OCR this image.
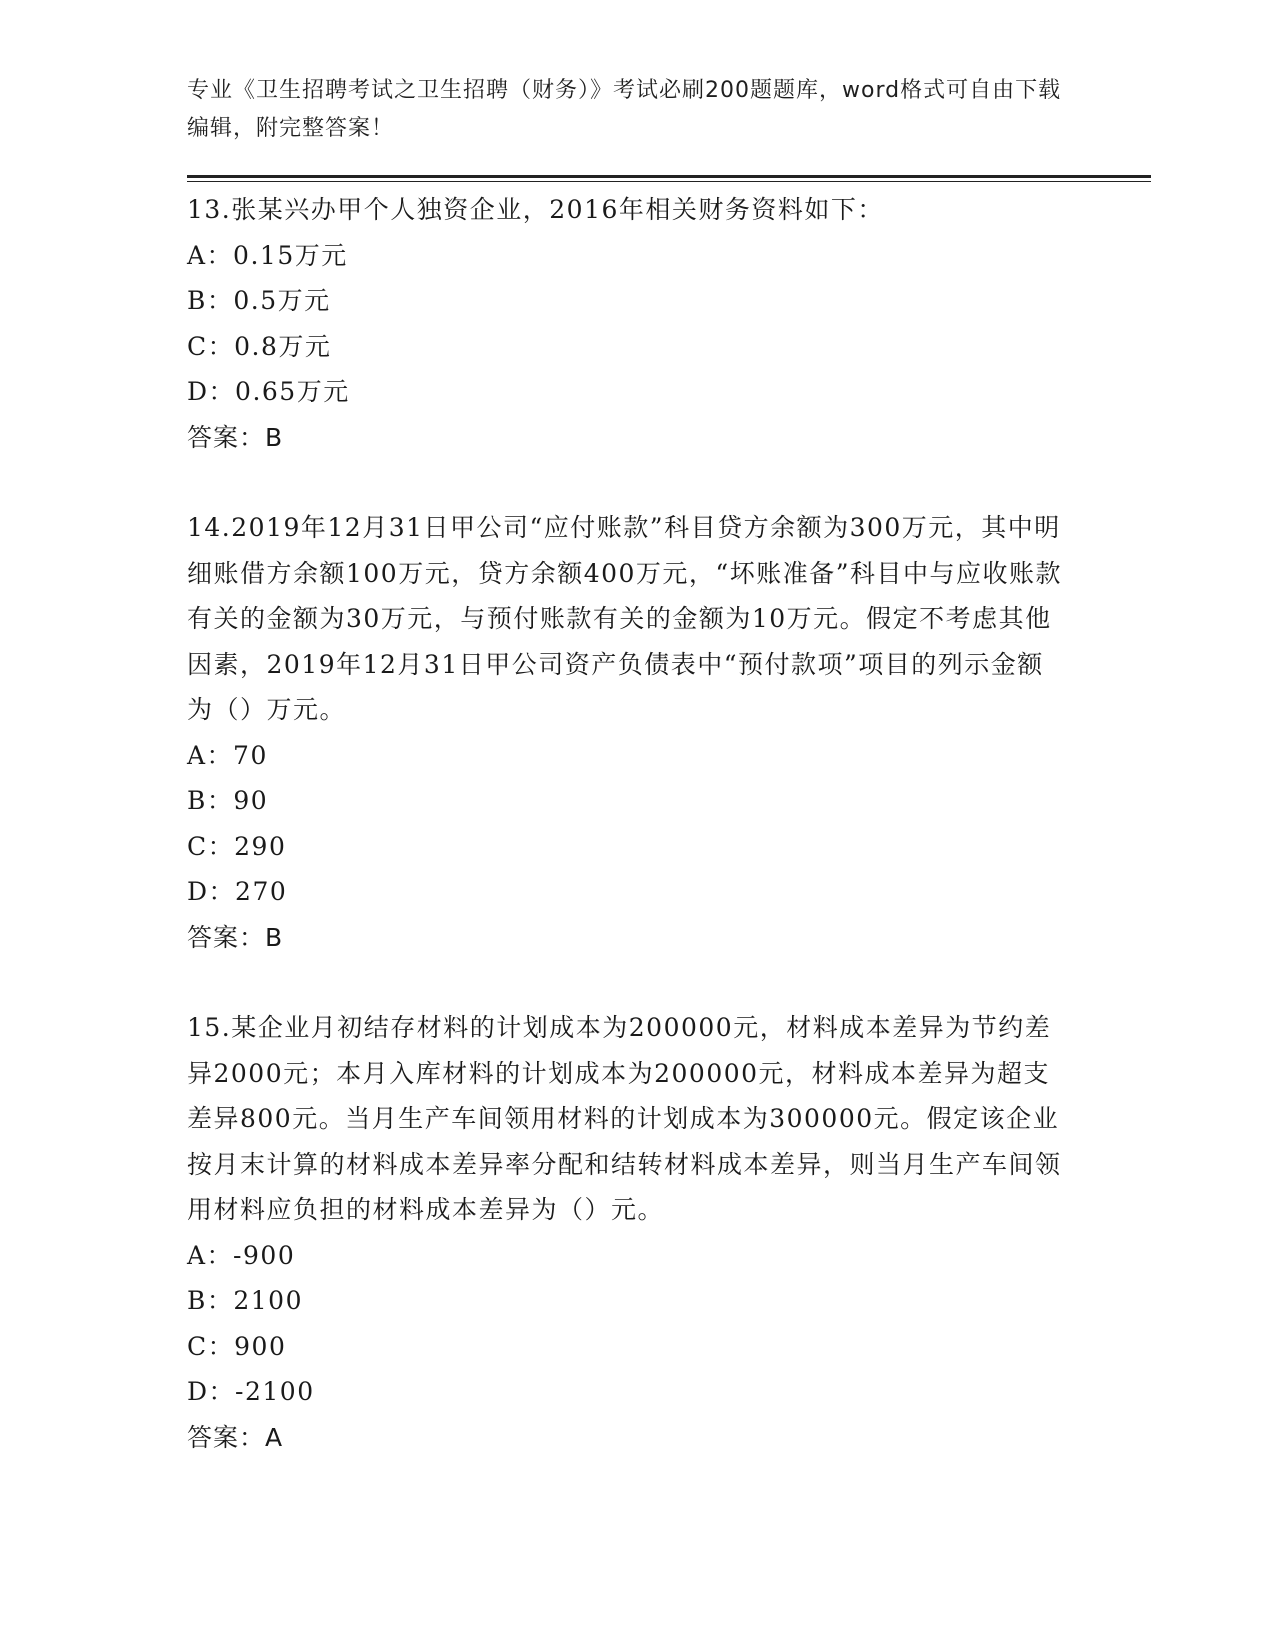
专业《卫生招聘考试之卫生招聘（财务）》考试必刷200题题库，word格式可自由下载编辑，附完整答案！

13.张某兴办甲个人独资企业，2016年相关财务资料如下：

A：0.15万元

B：0.5万元

C：0.8万元

D：0.65万元

答案：B

14.2019年12月31日甲公司“应付账款”科目贷方余额为300万元，其中明细账借方余额100万元，贷方余额400万元，“坏账准备”科目中与应收账款有关的金额为30万元，与预付账款有关的金额为10万元。假定不考虑其他因素，2019年12月31日甲公司资产负债表中“预付款项”项目的列示金额为（）万元。

A：70

B：90

C：290

D：270

答案：B

15.某企业月初结存材料的计划成本为200000元，材料成本差异为节约差异2000元；本月入库材料的计划成本为200000元，材料成本差异为超支差异800元。当月生产车间领用材料的计划成本为300000元。假定该企业按月末计算的材料成本差异率分配和结转材料成本差异，则当月生产车间领用材料应负担的材料成本差异为（）元。

A：-900

B：2100

C：900

D：-2100

答案：A
